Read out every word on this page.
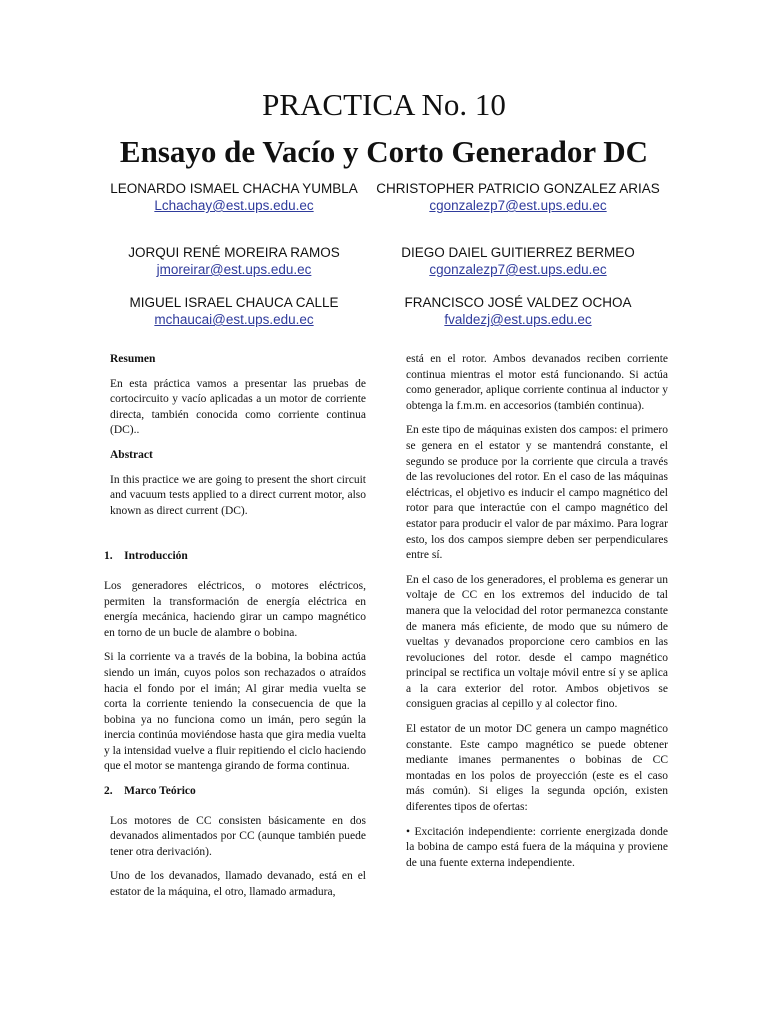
PRACTICA No. 10
Ensayo de Vacío y Corto Generador DC
LEONARDO ISMAEL CHACHA YUMBLA
Lchachay@est.ups.edu.ec
CHRISTOPHER PATRICIO GONZALEZ ARIAS
cgonzalezp7@est.ups.edu.ec
JORQUI RENÉ MOREIRA RAMOS
jmoreirar@est.ups.edu.ec
DIEGO DAIEL GUITIERREZ BERMEO
cgonzalezp7@est.ups.edu.ec
MIGUEL ISRAEL CHAUCA CALLE
mchaucai@est.ups.edu.ec
FRANCISCO JOSÉ VALDEZ OCHOA
fvaldezj@est.ups.edu.ec
Resumen

En esta práctica vamos a presentar las pruebas de cortocircuito y vacío aplicadas a un motor de corriente directa, también conocida como corriente continua (DC)..

Abstract

In this practice we are going to present the short circuit and vacuum tests applied to a direct current motor, also known as direct current (DC).

1. Introducción

Los generadores eléctricos, o motores eléctricos, permiten la transformación de energía eléctrica en energía mecánica, haciendo girar un campo magnético en torno de un bucle de alambre o bobina.

Si la corriente va a través de la bobina, la bobina actúa siendo un imán, cuyos polos son rechazados o atraídos hacia el fondo por el imán; Al girar media vuelta se corta la corriente teniendo la consecuencia de que la bobina ya no funciona como un imán, pero según la inercia continúa moviéndose hasta que gira media vuelta y la intensidad vuelve a fluir repitiendo el ciclo haciendo que el motor se mantenga girando de forma continua.

2. Marco Teórico

Los motores de CC consisten básicamente en dos devanados alimentados por CC (aunque también puede tener otra derivación).

Uno de los devanados, llamado devanado, está en el estator de la máquina, el otro, llamado armadura,

está en el rotor. Ambos devanados reciben corriente continua mientras el motor está funcionando. Si actúa como generador, aplique corriente continua al inductor y obtenga la f.m.m. en accesorios (también continua).

En este tipo de máquinas existen dos campos: el primero se genera en el estator y se mantendrá constante, el segundo se produce por la corriente que circula a través de las revoluciones del rotor. En el caso de las máquinas eléctricas, el objetivo es inducir el campo magnético del rotor para que interactúe con el campo magnético del estator para producir el valor de par máximo. Para lograr esto, los dos campos siempre deben ser perpendiculares entre sí.

En el caso de los generadores, el problema es generar un voltaje de CC en los extremos del inducido de tal manera que la velocidad del rotor permanezca constante de manera más eficiente, de modo que su número de vueltas y devanados proporcione cero cambios en las revoluciones del rotor. desde el campo magnético principal se rectifica un voltaje móvil entre sí y se aplica a la cara exterior del rotor. Ambos objetivos se consiguen gracias al cepillo y al colector fino.

El estator de un motor DC genera un campo magnético constante. Este campo magnético se puede obtener mediante imanes permanentes o bobinas de CC montadas en los polos de proyección (este es el caso más común). Si eliges la segunda opción, existen diferentes tipos de ofertas:

• Excitación independiente: corriente energizada donde la bobina de campo está fuera de la máquina y proviene de una fuente externa independiente.
